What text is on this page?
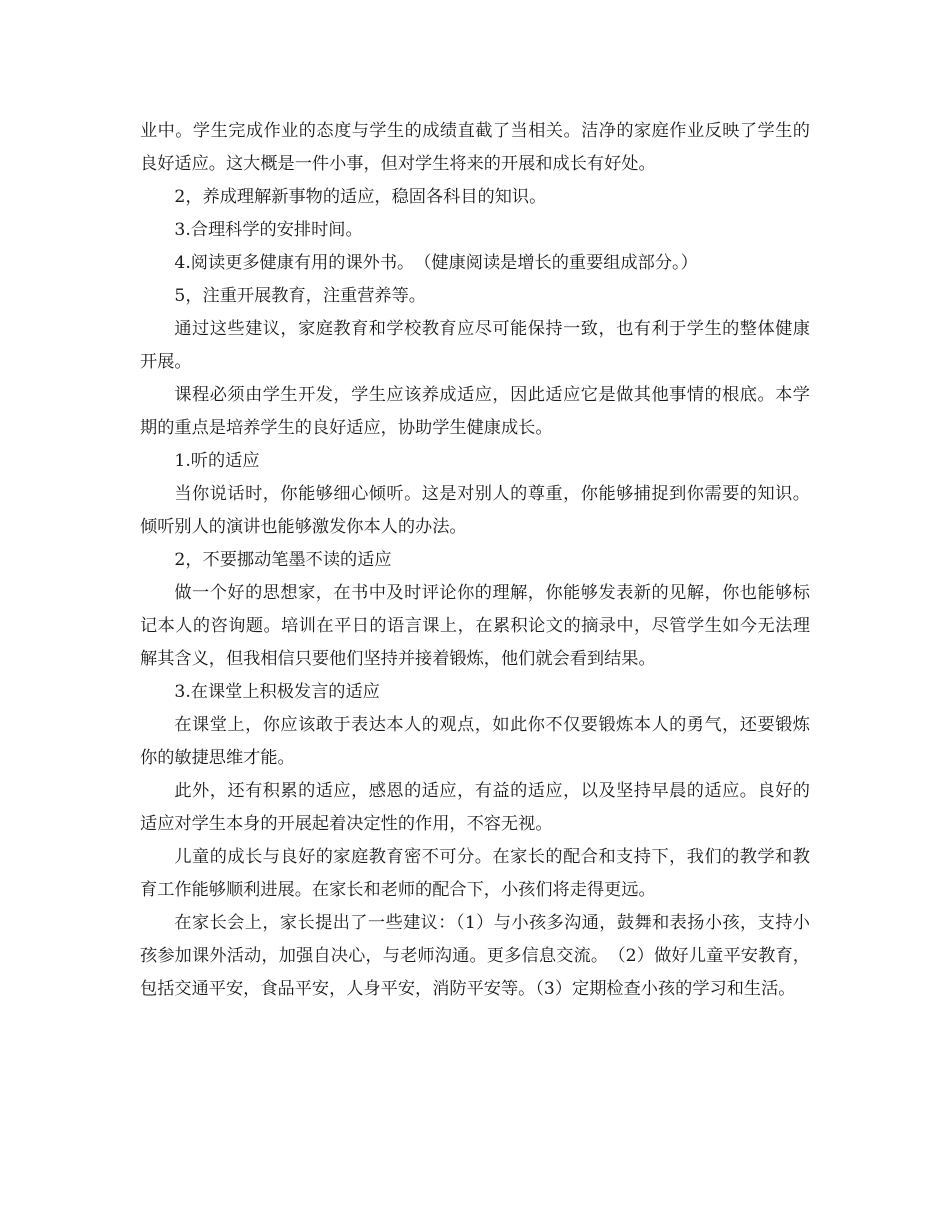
业中。学生完成作业的态度与学生的成绩直截了当相关。洁净的家庭作业反映了学生的良好适应。这大概是一件小事，但对学生将来的开展和成长有好处。

2，养成理解新事物的适应，稳固各科目的知识。

3.合理科学的安排时间。

4.阅读更多健康有用的课外书。　（健康阅读是增长的重要组成部分。）

5，注重开展教育，注重营养等。

通过这些建议，家庭教育和学校教育应尽可能保持一致，也有利于学生的整体健康开展。

课程必须由学生开发，学生应该养成适应，因此适应它是做其他事情的根底。本学期的重点是培养学生的良好适应，协助学生健康成长。

1.听的适应

当你说话时，你能够细心倾听。这是对别人的尊重，你能够捕捉到你需要的知识。倾听别人的演讲也能够激发你本人的办法。

2，不要挪动笔墨不读的适应

做一个好的思想家，在书中及时评论你的理解，你能够发表新的见解，你也能够标记本人的咨询题。培训在平日的语言课上，在累积论文的摘录中，尽管学生如今无法理解其含义，但我相信只要他们坚持并接着锻炼，他们就会看到结果。

3.在课堂上积极发言的适应

在课堂上，你应该敢于表达本人的观点，如此你不仅要锻炼本人的勇气，还要锻炼你的敏捷思维才能。

此外，还有积累的适应，感恩的适应，有益的适应，以及坚持早晨的适应。良好的适应对学生本身的开展起着决定性的作用，不容无视。

儿童的成长与良好的家庭教育密不可分。在家长的配合和支持下，我们的教学和教育工作能够顺利进展。在家长和老师的配合下，小孩们将走得更远。

在家长会上，家长提出了一些建议：（1）与小孩多沟通，鼓舞和表扬小孩，支持小孩参加课外活动，加强自决心，与老师沟通。更多信息交流。　（2）做好儿童平安教育，包括交通平安，食品平安，人身平安，消防平安等。（3）定期检查小孩的学习和生活。
